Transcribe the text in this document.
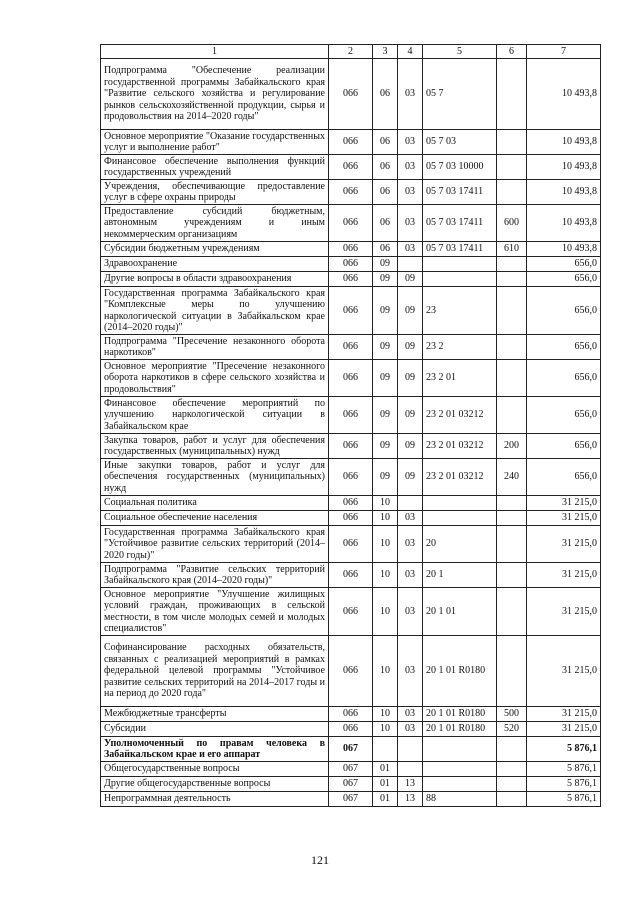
1	2	3	4	5	6	7
Подпрограмма "Обеспечение реализации государственной программы Забайкальского края "Развитие сельского хозяйства и регулирование рынков сельскохозяйственной продукции, сырья и продовольствия на 2014–2020 годы"	066	06	03	05 7		10 493,8
Основное мероприятие "Оказание государственных услуг и выполнение работ"	066	06	03	05 7 03		10 493,8
Финансовое обеспечение выполнения функций государственных учреждений	066	06	03	05 7 03 10000		10 493,8
Учреждения, обеспечивающие предоставление услуг в сфере охраны природы	066	06	03	05 7 03 17411		10 493,8
Предоставление субсидий бюджетным, автономным учреждениям и иным некоммерческим организациям	066	06	03	05 7 03 17411	600	10 493,8
Субсидии бюджетным учреждениям	066	06	03	05 7 03 17411	610	10 493,8
Здравоохранение	066	09				656,0
Другие вопросы в области здравоохранения	066	09	09			656,0
Государственная программа Забайкальского края "Комплексные меры по улучшению наркологической ситуации в Забайкальском крае (2014–2020 годы)"	066	09	09	23		656,0
Подпрограмма "Пресечение незаконного оборота наркотиков"	066	09	09	23 2		656,0
Основное мероприятие "Пресечение незаконного оборота наркотиков в сфере сельского хозяйства и продовольствия"	066	09	09	23 2 01		656,0
Финансовое обеспечение мероприятий по улучшению наркологической ситуации в Забайкальском крае	066	09	09	23 2 01 03212		656,0
Закупка товаров, работ и услуг для обеспечения государственных (муниципальных) нужд	066	09	09	23 2 01 03212	200	656,0
Иные закупки товаров, работ и услуг для обеспечения государственных (муниципальных) нужд	066	09	09	23 2 01 03212	240	656,0
Социальная политика	066	10				31 215,0
Социальное обеспечение населения	066	10	03			31 215,0
Государственная программа Забайкальского края "Устойчивое развитие сельских территорий (2014–2020 годы)"	066	10	03	20		31 215,0
Подпрограмма "Развитие сельских территорий Забайкальского края (2014–2020 годы)"	066	10	03	20 1		31 215,0
Основное мероприятие "Улучшение жилищных условий граждан, проживающих в сельской местности, в том числе молодых семей и молодых специалистов"	066	10	03	20 1 01		31 215,0
Софинансирование расходных обязательств, связанных с реализацией мероприятий в рамках федеральной целевой программы "Устойчивое развитие сельских территорий на 2014–2017 годы и на период до 2020 года"	066	10	03	20 1 01 R0180		31 215,0
Межбюджетные трансферты	066	10	03	20 1 01 R0180	500	31 215,0
Субсидии	066	10	03	20 1 01 R0180	520	31 215,0
Уполномоченный по правам человека в Забайкальском крае и его аппарат	067					5 876,1
Общегосударственные вопросы	067	01				5 876,1
Другие общегосударственные вопросы	067	01	13			5 876,1
Непрограммная деятельность	067	01	13	88		5 876,1
121
